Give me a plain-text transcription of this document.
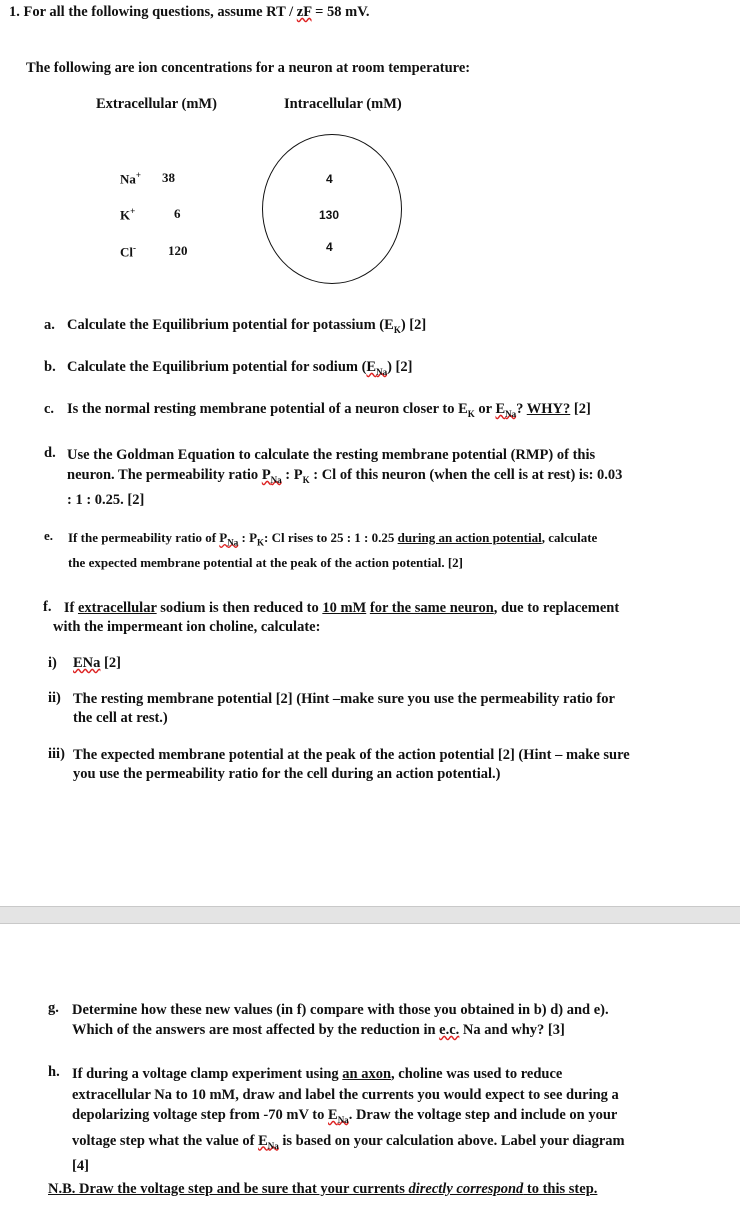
1. For all the following questions, assume RT / zF = 58 mV.
The following are ion concentrations for a neuron at room temperature:
Extracellular (mM)	Intracellular (mM)
Na+ 38
K+	6
Cl- 120
4
130
4
a. Calculate the Equilibrium potential for potassium $(E_K)$ [2]
b. Calculate the Equilibrium potential for sodium $(E_{Na})$ [2]
c. Is the normal resting membrane potential of a neuron closer to $E_K$ or $E_{Na}$? WHY? [2]
d. Use the Goldman Equation to calculate the resting membrane potential (RMP) of this
neuron. The permeability ratio $P_{Na}$ : $P_K$ : Cl of this neuron (when the cell is at rest) is: 0.03
: 1 : 0.25. [2]
e. If the permeability ratio of $P_{Na}$ : $P_K$: Cl rises to 25 : 1 : 0.25 during an action potential, calculate
the expected membrane potential at the peak of the action potential. [2]
f. If extracellular sodium is then reduced to 10 mM for the same neuron, due to replacement
with the impermeant ion choline, calculate:
i) ENa [2]
ii) The resting membrane potential [2] (Hint –make sure you use the permeability ratio for
the cell at rest.)
iii) The expected membrane potential at the peak of the action potential [2] (Hint – make sure
you use the permeability ratio for the cell during an action potential.)
g. Determine how these new values (in f) compare with those you obtained in b) d) and e).
Which of the answers are most affected by the reduction in e.c. Na and why? [3]
h. If during a voltage clamp experiment using an axon, choline was used to reduce
extracellular Na to 10 mM, draw and label the currents you would expect to see during a
depolarizing voltage step from -70 mV to $E_{Na}$. Draw the voltage step and include on your
voltage step what the value of $E_{Na}$ is based on your calculation above. Label your diagram
[4]
N.B. Draw the voltage step and be sure that your currents directly correspond to this step.
